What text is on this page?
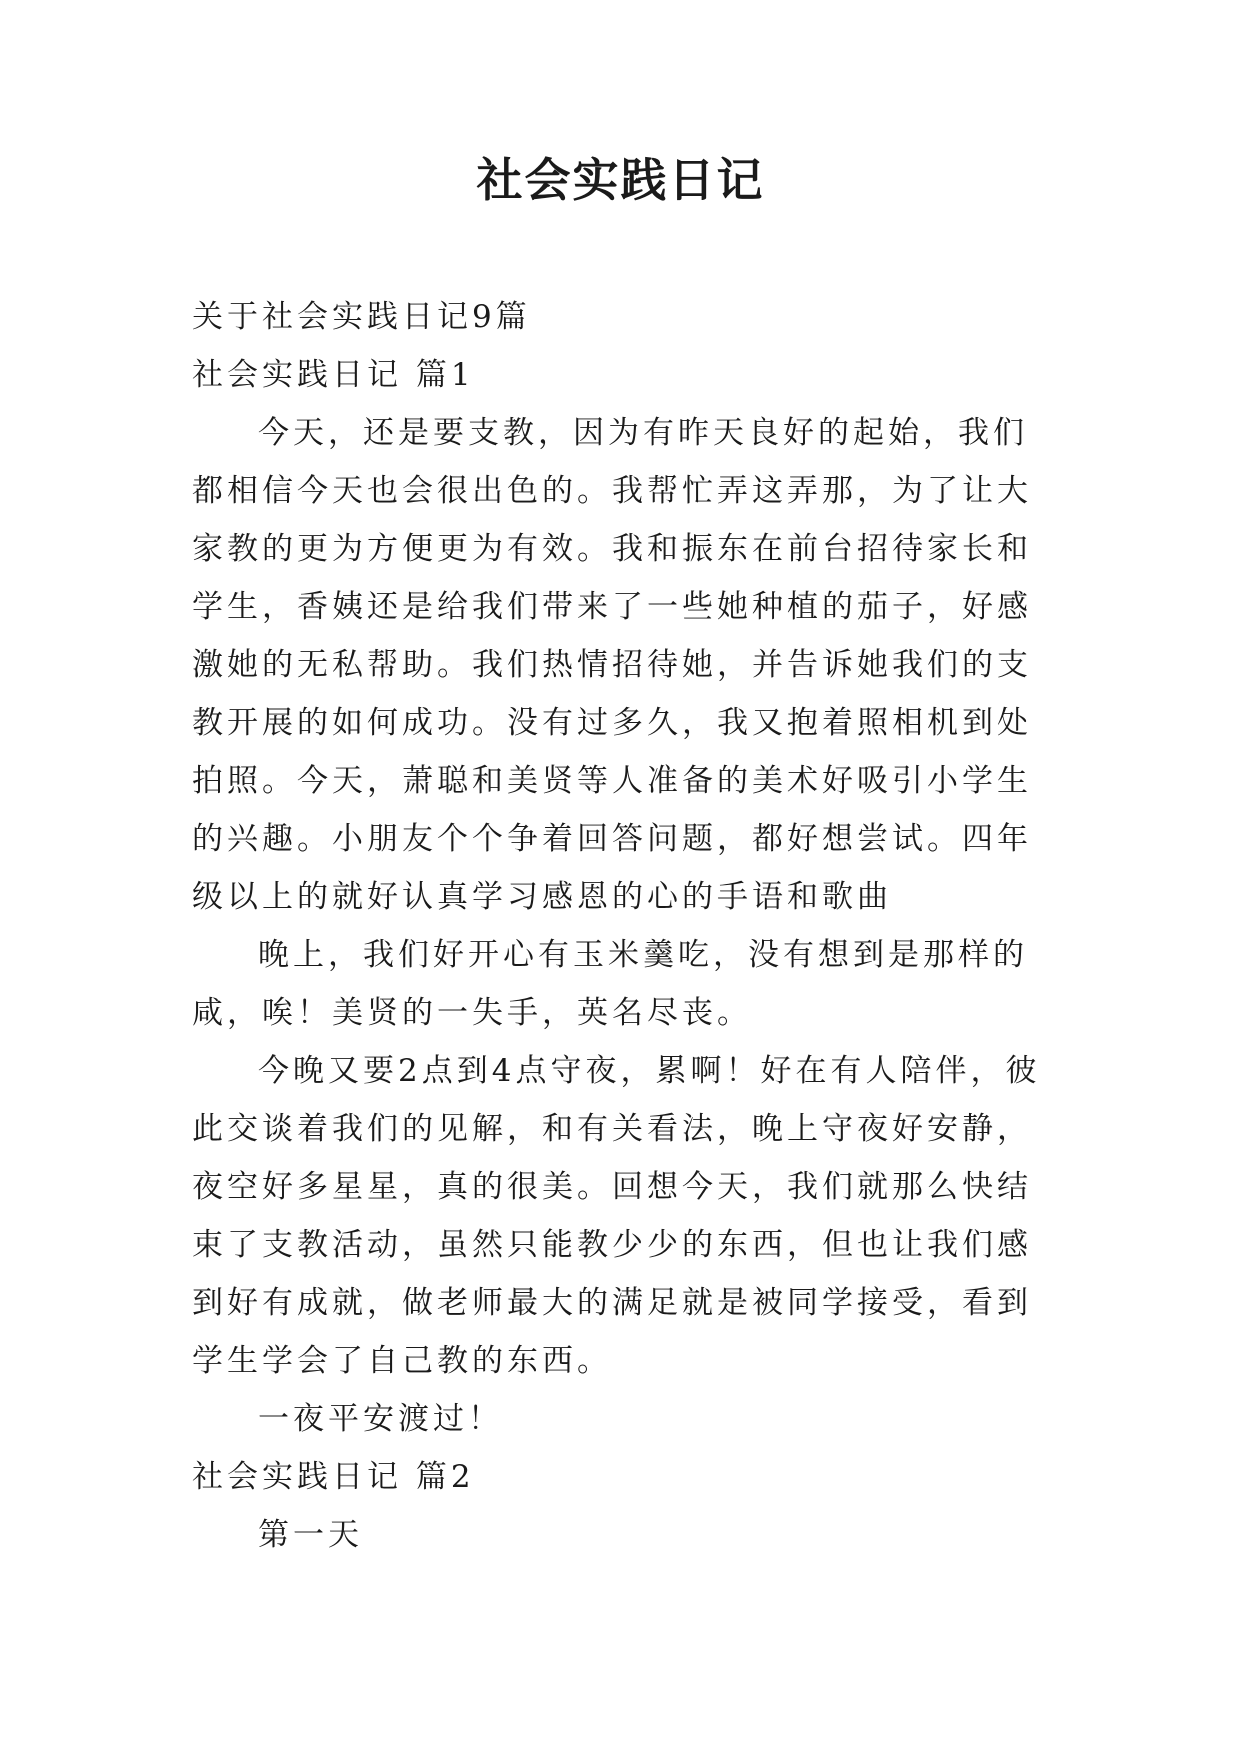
社会实践日记

关于社会实践日记9篇

社会实践日记 篇1

今天，还是要支教，因为有昨天良好的起始，我们都相信今天也会很出色的。我帮忙弄这弄那，为了让大家教的更为方便更为有效。我和振东在前台招待家长和学生，香姨还是给我们带来了一些她种植的茄子，好感激她的无私帮助。我们热情招待她，并告诉她我们的支教开展的如何成功。没有过多久，我又抱着照相机到处拍照。今天，萧聪和美贤等人准备的美术好吸引小学生的兴趣。小朋友个个争着回答问题，都好想尝试。四年级以上的就好认真学习感恩的心的手语和歌曲

晚上，我们好开心有玉米羹吃，没有想到是那样的咸，唉！美贤的一失手，英名尽丧。

今晚又要2点到4点守夜，累啊！好在有人陪伴，彼此交谈着我们的见解，和有关看法，晚上守夜好安静，夜空好多星星，真的很美。回想今天，我们就那么快结束了支教活动，虽然只能教少少的东西，但也让我们感到好有成就，做老师最大的满足就是被同学接受，看到学生学会了自己教的东西。

一夜平安渡过！

社会实践日记 篇2

第一天
